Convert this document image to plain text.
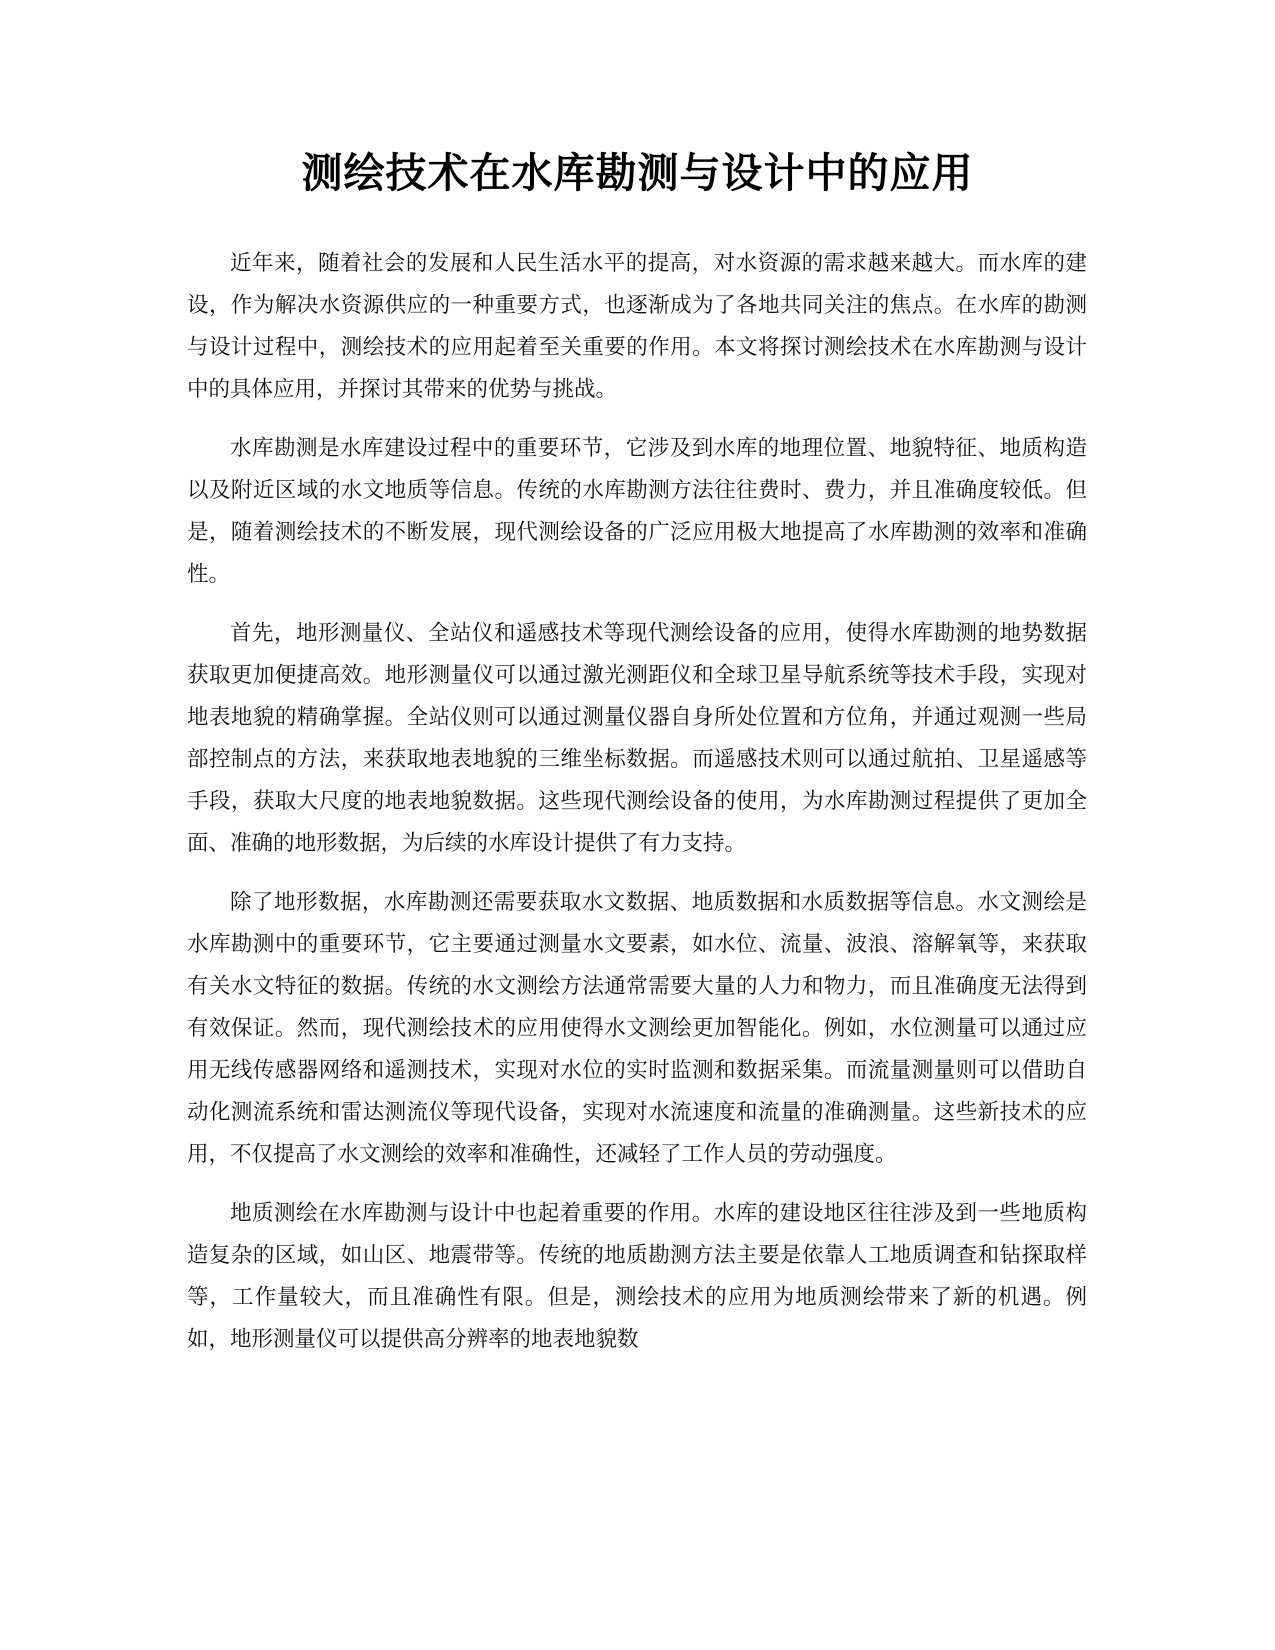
测绘技术在水库勘测与设计中的应用

近年来，随着社会的发展和人民生活水平的提高，对水资源的需求越来越大。而水库的建设，作为解决水资源供应的一种重要方式，也逐渐成为了各地共同关注的焦点。在水库的勘测与设计过程中，测绘技术的应用起着至关重要的作用。本文将探讨测绘技术在水库勘测与设计中的具体应用，并探讨其带来的优势与挑战。

水库勘测是水库建设过程中的重要环节，它涉及到水库的地理位置、地貌特征、地质构造以及附近区域的水文地质等信息。传统的水库勘测方法往往费时、费力，并且准确度较低。但是，随着测绘技术的不断发展，现代测绘设备的广泛应用极大地提高了水库勘测的效率和准确性。

首先，地形测量仪、全站仪和遥感技术等现代测绘设备的应用，使得水库勘测的地势数据获取更加便捷高效。地形测量仪可以通过激光测距仪和全球卫星导航系统等技术手段，实现对地表地貌的精确掌握。全站仪则可以通过测量仪器自身所处位置和方位角，并通过观测一些局部控制点的方法，来获取地表地貌的三维坐标数据。而遥感技术则可以通过航拍、卫星遥感等手段，获取大尺度的地表地貌数据。这些现代测绘设备的使用，为水库勘测过程提供了更加全面、准确的地形数据，为后续的水库设计提供了有力支持。

除了地形数据，水库勘测还需要获取水文数据、地质数据和水质数据等信息。水文测绘是水库勘测中的重要环节，它主要通过测量水文要素，如水位、流量、波浪、溶解氧等，来获取有关水文特征的数据。传统的水文测绘方法通常需要大量的人力和物力，而且准确度无法得到有效保证。然而，现代测绘技术的应用使得水文测绘更加智能化。例如，水位测量可以通过应用无线传感器网络和遥测技术，实现对水位的实时监测和数据采集。而流量测量则可以借助自动化测流系统和雷达测流仪等现代设备，实现对水流速度和流量的准确测量。这些新技术的应用，不仅提高了水文测绘的效率和准确性，还减轻了工作人员的劳动强度。

地质测绘在水库勘测与设计中也起着重要的作用。水库的建设地区往往涉及到一些地质构造复杂的区域，如山区、地震带等。传统的地质勘测方法主要是依靠人工地质调查和钻探取样等，工作量较大，而且准确性有限。但是，测绘技术的应用为地质测绘带来了新的机遇。例如，地形测量仪可以提供高分辨率的地表地貌数
